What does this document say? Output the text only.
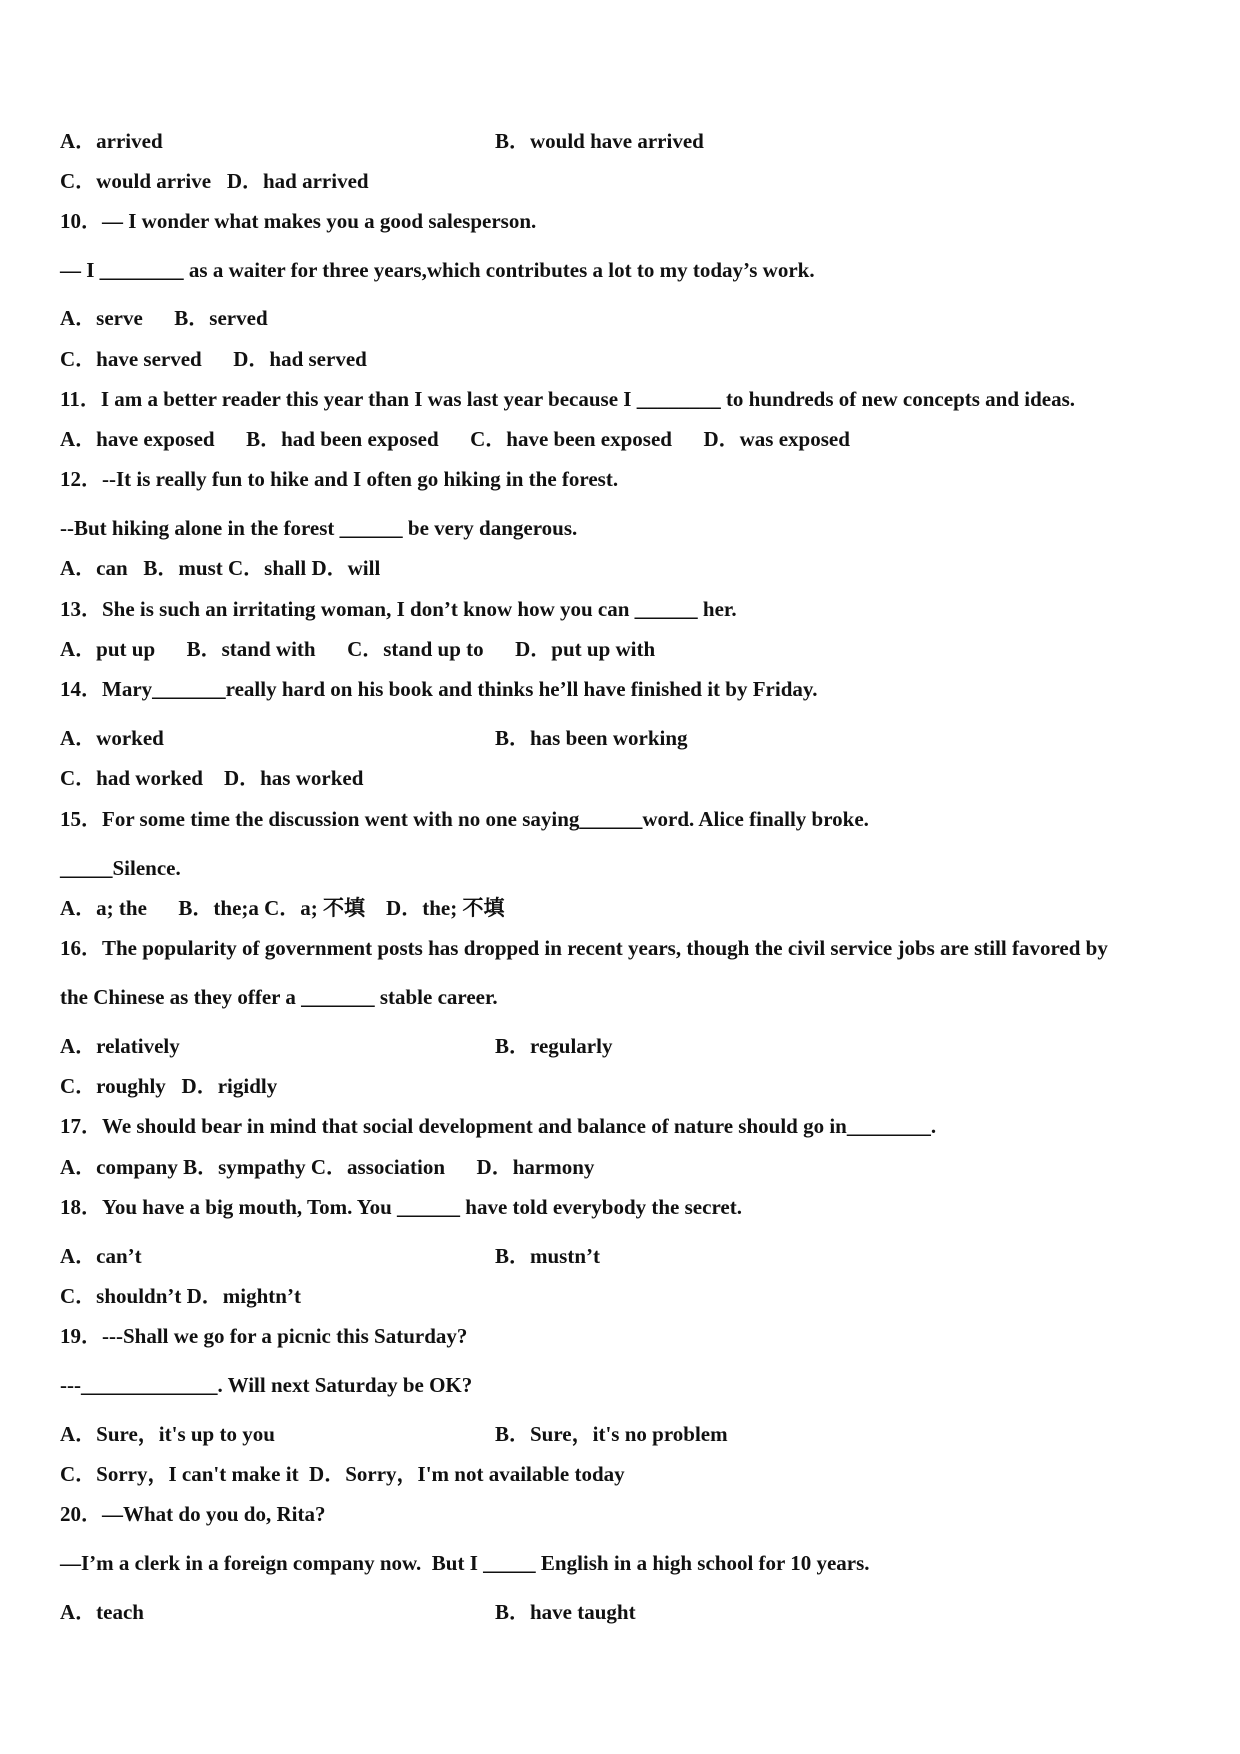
A．arrived	B．would have arrived
C．would arrive   D．had arrived
10．— I wonder what makes you a good salesperson.
— I ________ as a waiter for three years,which contributes a lot to my today’s work.
A．serve      B．served
C．have served      D．had served
11．I am a better reader this year than I was last year because I ________ to hundreds of new concepts and ideas.
A．have exposed      B．had been exposed      C．have been exposed      D．was exposed
12．--It is really fun to hike and I often go hiking in the forest.
--But hiking alone in the forest ______ be very dangerous.
A．can   B．must C．shall D．will
13．She is such an irritating woman, I don’t know how you can ______ her.
A．put up      B．stand with      C．stand up to      D．put up with
14．Mary_______really hard on his book and thinks he’ll have finished it by Friday.
A．worked	B．has been working
C．had worked    D．has worked
15．For some time the discussion went with no one saying______word. Alice finally broke.
_____Silence.
A．a; the      B．the;a C．a; 不填    D．the; 不填
16．The popularity of government posts has dropped in recent years, though the civil service jobs are still favored by
the Chinese as they offer a _______ stable career.
A．relatively	B．regularly
C．roughly   D．rigidly
17．We should bear in mind that social development and balance of nature should go in________.
A．company B．sympathy C．association      D．harmony
18．You have a big mouth, Tom. You ______ have told everybody the secret.
A．can’t	B．mustn’t
C．shouldn’t D．mightn’t
19．---Shall we go for a picnic this Saturday?
---_____________. Will next Saturday be OK?
A．Sure，it's up to you	B．Sure，it's no problem
C．Sorry，I can't make it  D．Sorry，I'm not available today
20．—What do you do, Rita?
—I’m a clerk in a foreign company now.  But I _____ English in a high school for 10 years.
A．teach	B．have taught
